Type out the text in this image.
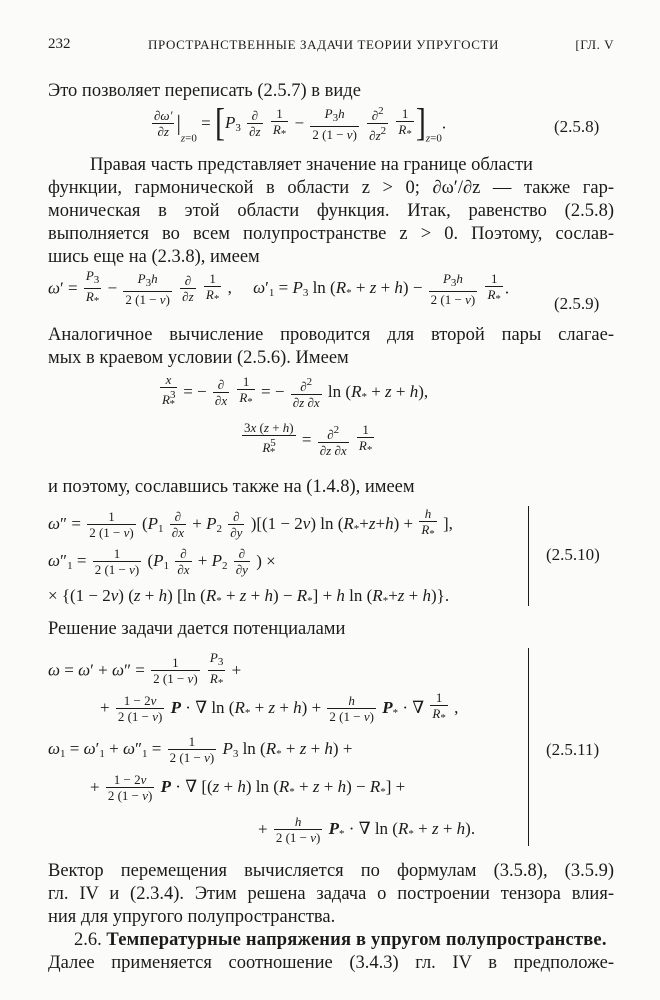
232	ПРОСТРАНСТВЕННЫЕ ЗАДАЧИ ТЕОРИИ УПРУГОСТИ	[ГЛ. V
Это позволяет переписать (2.5.7) в виде
$\frac{\partial\omega'}{\partial z} |_{z=0} = [P_3 \frac{\partial}{\partial z}$
$\frac{1}{R_*} - \frac{P_3h}{2 (1 - \nu)}$
$\frac{\partial^2}{\partial z^2}$
$\frac{1}{R_*} ]_{z=0}$.	(2.5.8)
Правая часть представляет значение на границе области
функции, гармонической в области z > 0; ∂ω′/∂z — также гар-
моническая в этой области функция. Итак, равенство (2.5.8)
выполняется во всем полупространстве z > 0. Поэтому, сослав-
шись еще на (2.3.8), имеем
$\omega' = \frac{P_3}{R_*} - \frac{P_3h}{2 (1 - \nu)}$
$\frac{\partial}{\partial z}$
$\frac{1}{R_*}$ ,     $\omega'_1 = P_3$ $\ln (R_* + z + h) - \frac{P_3h}{2 (1 - \nu)}$
$\frac{1}{R_*}$ .
(2.5.9)
Аналогичное вычисление проводится для второй пары слагае-
мых в краевом условии (2.5.6). Имеем
$\frac{x}{R^3_*}$ = − $\frac{\partial}{\partial x}$
$\frac{1}{R_*}$ = − $\frac{\partial^2}{\partial z \partial x}$ $\ln (R_* + z + h)$,
$\frac{3x (z + h)}{R^5_*} = \frac{\partial^2}{\partial z \partial x}$
$\frac{1}{R_*}$
и поэтому, сославшись также на (1.4.8), имеем
$\omega'' = \frac{1}{2 (1 - \nu)} (P_1 \frac{\partial}{\partial x} + P_2 \frac{\partial}{\partial y} )[(1 - 2\nu)$ $\ln (R_*+z+h) + \frac{h}{R_*}$ ],
$\omega''_1 = \frac{1}{2 (1 - \nu)} (P_1 \frac{\partial}{\partial x} + P_2 \frac{\partial}{\partial y}$ ) ×
× {(1 − 2ν) (z + h) [ln $(R_* + z + h) - R_*] + h$ $\ln (R_*+z + h)$}.
(2.5.10)
Решение задачи дается потенциалами
$\omega = \omega' + \omega'' = \frac{1}{2 (1 - \nu)}$
$\frac{P_3}{R_*}$ +
+ $\frac{1 - 2\nu}{2 (1 - \nu)}$ P · ∇ $\ln (R_* + z + h) + \frac{h}{2 (1 - \nu)} P_*$ · ∇ $\frac{1}{R_*}$ ,
$\omega_1 = \omega'_1 + \omega''_1 = \frac{1}{2 (1 - \nu)} P_3$ $\ln (R_* + z + h)$ +
+ $\frac{1 - 2\nu}{2 (1 - \nu)}$ P · ∇ [(z + h) $\ln (R_* + z + h) - R_*$] +
+ $\frac{h}{2 (1 - \nu)} P_*$ · ∇ $\ln (R_* + z + h)$.
(2.5.11)
Вектор перемещения вычисляется по формулам (3.5.8), (3.5.9)
гл. IV и (2.3.4). Этим решена задача о построении тензора влия-
ния для упругого полупространства.
2.6. Температурные напряжения в упругом полупространстве.
Далее применяется соотношение (3.4.3) гл. IV в предположе-
